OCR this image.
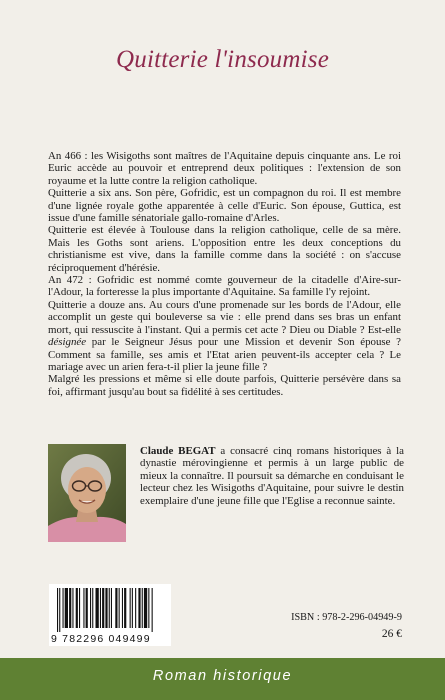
Quitterie l'insoumise

An 466 : les Wisigoths sont maîtres de l'Aquitaine depuis cinquante ans. Le roi Euric accède au pouvoir et entreprend deux politiques : l'extension de son royaume et la lutte contre la religion catholique.

Quitterie a six ans. Son père, Gofridic, est un compagnon du roi. Il est membre d'une lignée royale gothe apparentée à celle d'Euric. Son épouse, Guttica, est issue d'une famille sénatoriale gallo-romaine d'Arles.

Quitterie est élevée à Toulouse dans la religion catholique, celle de sa mère. Mais les Goths sont ariens. L'opposition entre les deux conceptions du christianisme est vive, dans la famille comme dans la société : on s'accuse réciproquement d'hérésie.

An 472 : Gofridic est nommé comte gouverneur de la citadelle d'Aire-sur-l'Adour, la forteresse la plus importante d'Aquitaine. Sa famille l'y rejoint.

Quitterie a douze ans. Au cours d'une promenade sur les bords de l'Adour, elle accomplit un geste qui bouleverse sa vie : elle prend dans ses bras un enfant mort, qui ressuscite à l'instant. Qui a permis cet acte ? Dieu ou Diable ? Est-elle désignée par le Seigneur Jésus pour une Mission et devenir Son épouse ? Comment sa famille, ses amis et l'Etat arien peuvent-ils accepter cela ? Le mariage avec un arien fera-t-il plier la jeune fille ?

Malgré les pressions et même si elle doute parfois, Quitterie persévère dans sa foi, affirmant jusqu'au bout sa fidélité à ses certitudes.

Claude BEGAT a consacré cinq romans historiques à la dynastie mérovingienne et permis à un large public de mieux la connaître. Il poursuit sa démarche en conduisant le lecteur chez les Wisigoths d'Aquitaine, pour suivre le destin exemplaire d'une jeune fille que l'Eglise a reconnue sainte.
9 782296 049499
ISBN : 978-2-296-04949-9
26 €
Roman historique
